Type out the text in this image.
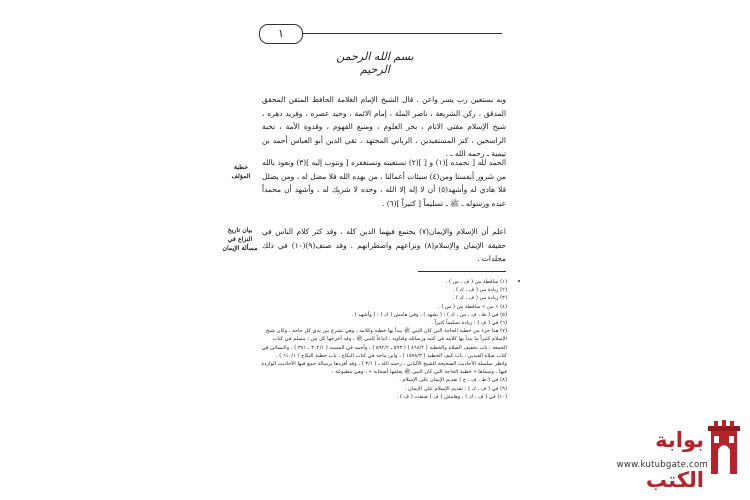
١
بسم الله الرحمن الرحيم
وبه نستعين رب يسر واعن . قال الشيخ الإمام العلامة الحافظ المتقن المحقق المدقق ، ركن الشريعة ، ناصر الملة ، إمام الائمة ، وحيد عصره ، وفريد دهره ، شيخ الإسلام مفتي الانام ، بحر العلوم ، ومنبع الفهوم ، وقدوة الأمة ، نخبة الراسخين ، كنز المستفيدين ، الرباني المجتهد ، تقي الدين أبو العباس أحمد بن تيمية ـ رحمه الله ـ .
الحمد لله [ نحمده ](١) و [ ](٢) نستعينه ونستغفره [ ونتوب إليه ](٣) ونعوذ بالله من شرور أنفسنا ومن(٤) سيئات أعمالنا ، من يهده الله فلا مضل له ، ومن يضلل فلا هادي له وأشهد(٥) أن لا إله إلا الله ، وحده لا شريك له ، وأشهد أن محمداً عبده ورسوله ـ ﷺ ـ تسليماً [ كثيراً ](٦) .
اعلم أن الإسلام والإيمان(٧) يجتمع فيهما الدين كله ، وقد كثر كلام الناس في حقيقة الإيمان والإسلام(٨) ونزاعهم واضطرابهم . وقد صنف(٩)(١٠) في ذلك مجلدات .
خطبة المؤلف
بيان تاريخ النزاع في مسألة الإيمان

(١) ساقطة من ( ف ، س ) .

(٢) زيادة من ( ف ، ك ) .

(٣) زيادة من ( ف ، ك ) .

(٤) « من » ساقطة من ( س ) .

(٥) في ( ط ، ف ، س ، ك ) : ( نشهد ) ، وفي هامش ( ك ) : ( وأشهد ) .

(٦) في ( ف ) : زيادة تسليماً كثيراً .

(٧) هذا جزء من خطبة الحاجة التي كان النبي ﷺ يبدأ بها خطبه وكلامه ، وهي تشرع بين يدي كل حاجة ، وكان شيخ الإسلام كثيراً ما يبدأ بها كلامه في كتبه ورسائله وفتاويه ، اتباعاً للنبي ﷺ ، وقد أخرجها كل من : مسلم في كتاب الجمعة ، باب تخفيف الصلاة والخطبة ( ٨٦٨/٢ ) ( ٥٩٣ ـ ٥٩٢/٢ ) ، وأحمد في المسند ( ٣٠٢/١ ، ٣٧١ ) ، والنسائي في كتاب صلاة العيدين ، باب كيف الخطبة ( ١٥٧٨/٣ ) ، وابن ماجه في كتاب النكاح ، باب خطبة النكاح ( ٦١٠/١ ) .

وانظر سلسلة الأحاديث الصحيحة للشيخ الألباني ـ رحمه الله ـ ( ٣/١ ) ، وقد أفردها برسالة جمع فيها الأحاديث الواردة فيها ، وسماها « خطبة الحاجة التي كان النبي ﷺ يعلمها أصحابه » ، وهي مطبوعة .

(٨) في ( ط ، ف ، ح ) تقديم الإيمان على الإسلام .

(٩) في ( ف ، ك ) : تقديم الإسلام على الإيمان .

(١٠) في ( ف ، ك ) ، وهامش ( ف ) صنفت ( ف ) .

بوابة الكتب
www.kutubgate.com
